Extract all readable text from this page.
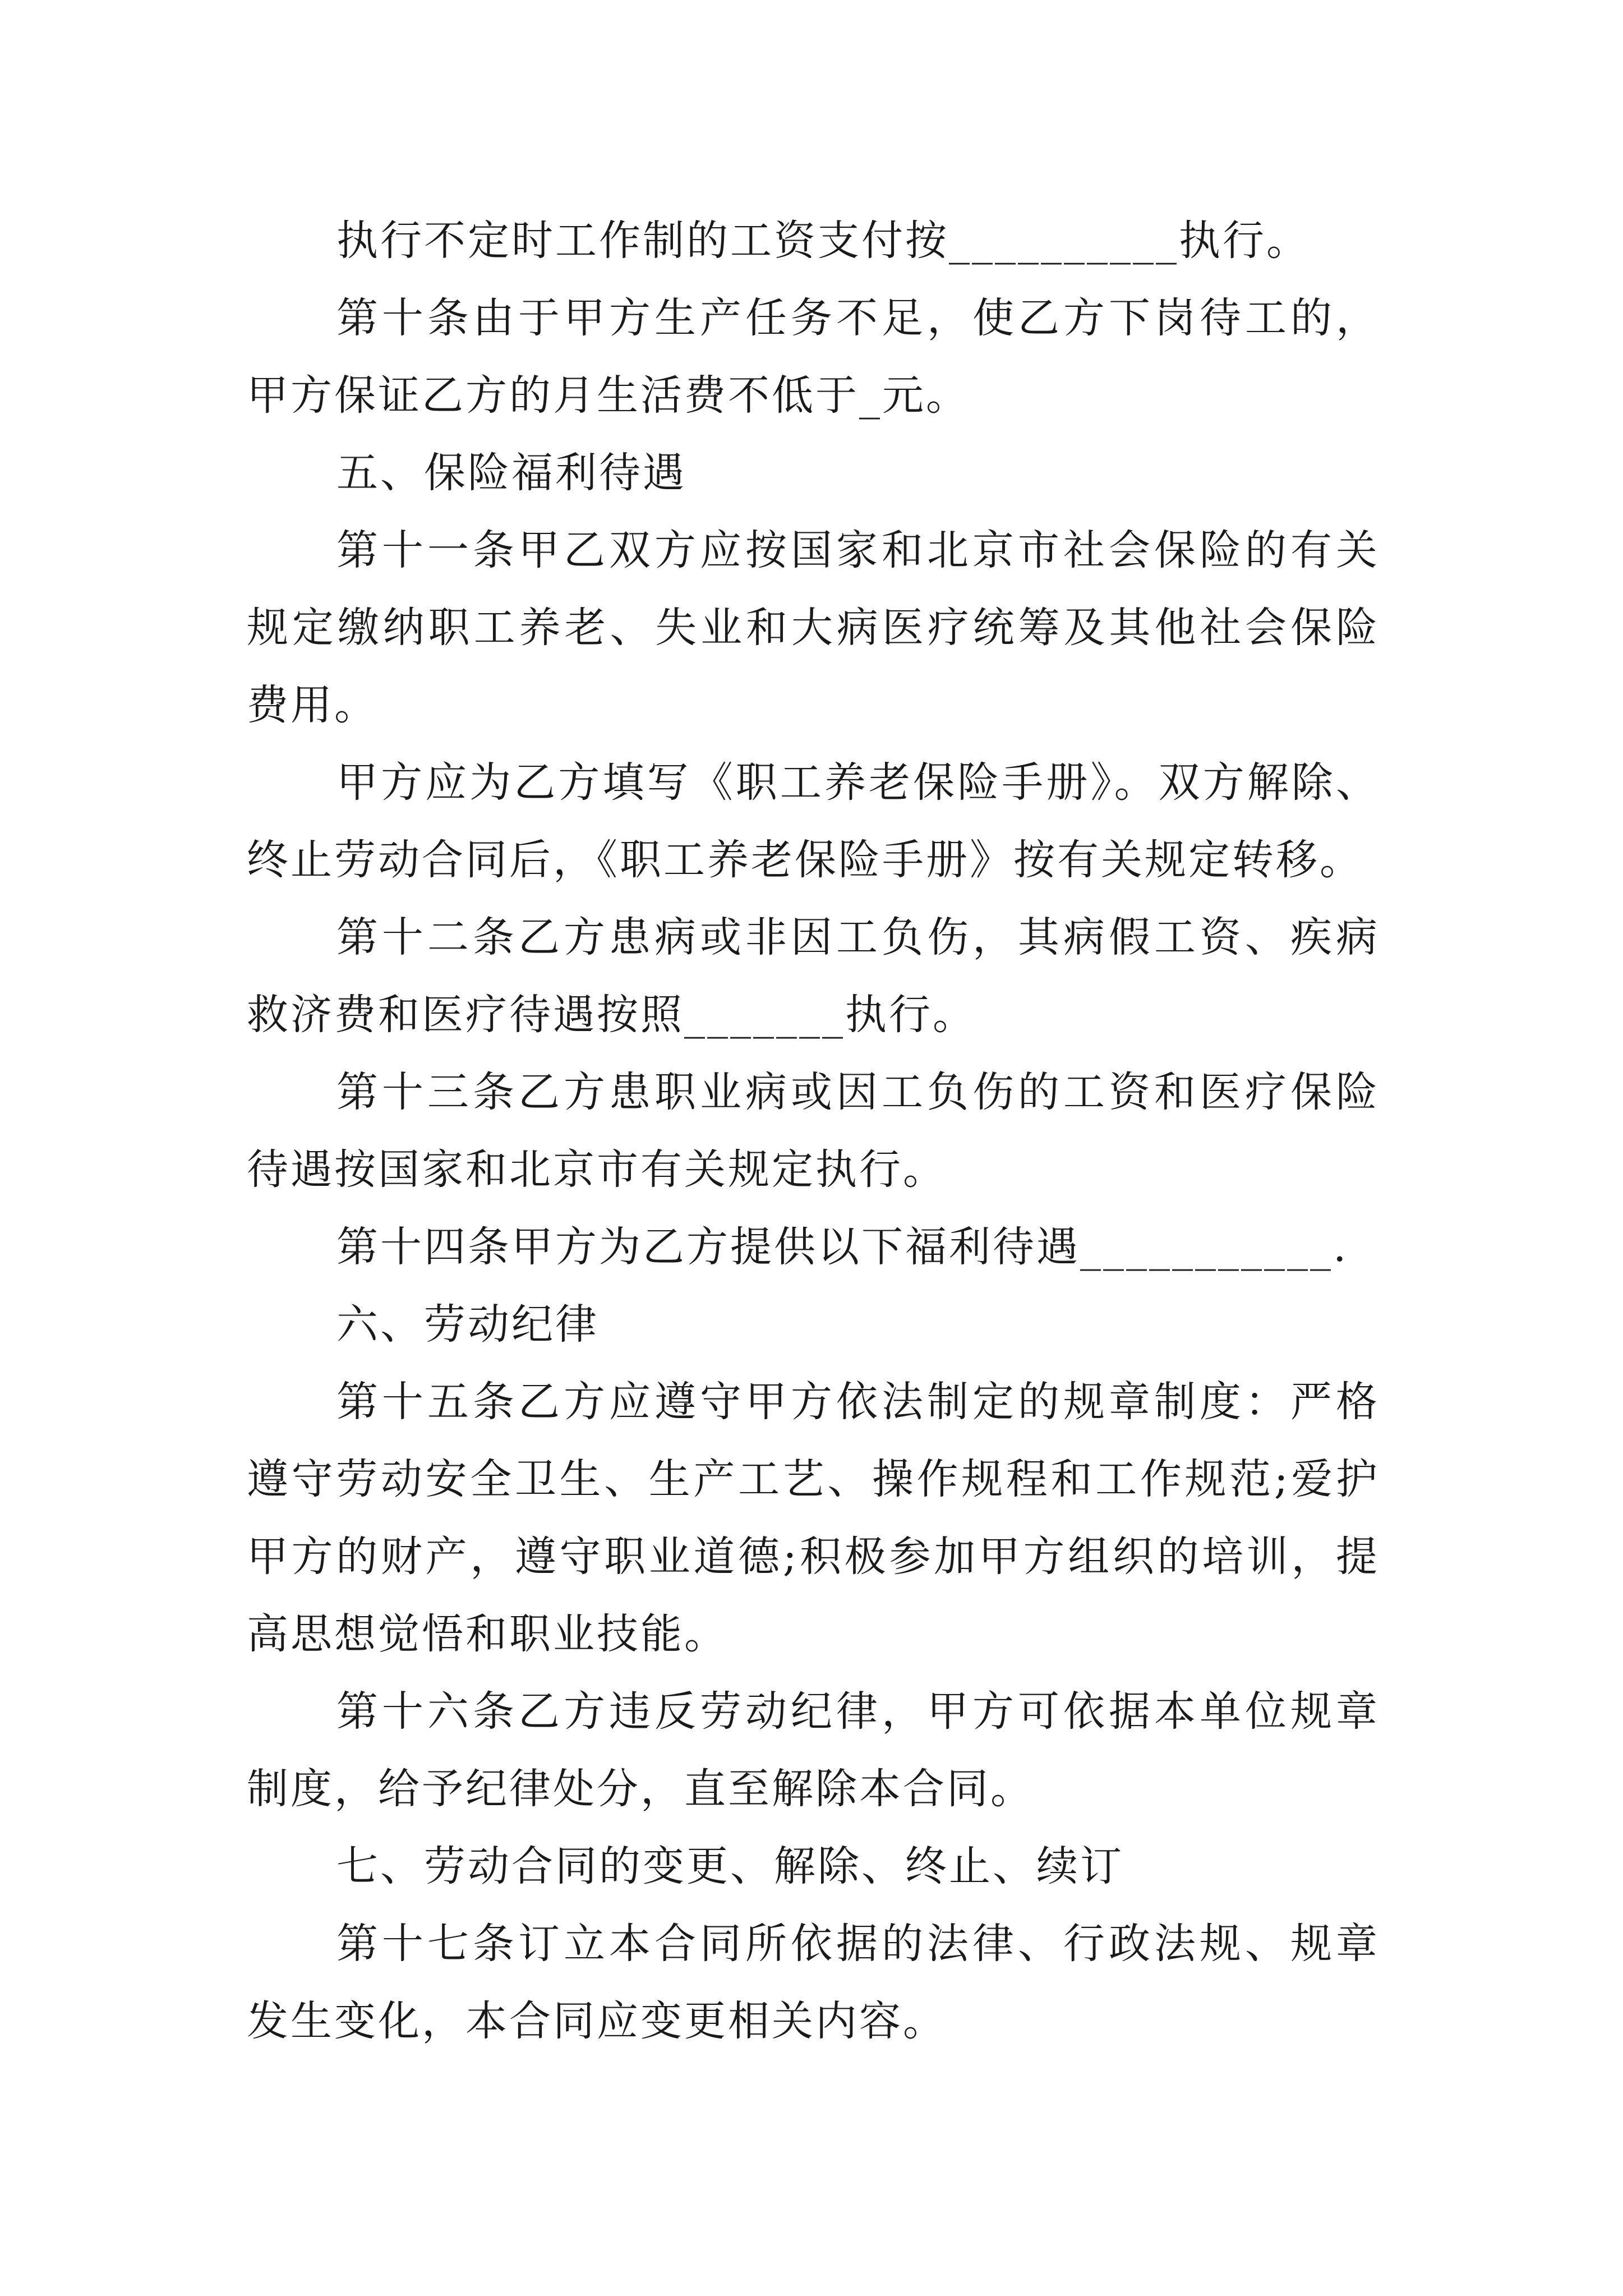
执行不定时工作制的工资支付按__________执行。

第十条由于甲方生产任务不足，使乙方下岗待工的，甲方保证乙方的月生活费不低于_元。

五、保险福利待遇

第十一条甲乙双方应按国家和北京市社会保险的有关规定缴纳职工养老、失业和大病医疗统筹及其他社会保险费用。

甲方应为乙方填写《职工养老保险手册》。双方解除、终止劳动合同后，《职工养老保险手册》按有关规定转移。

第十二条乙方患病或非因工负伤，其病假工资、疾病救济费和医疗待遇按照_______执行。

第十三条乙方患职业病或因工负伤的工资和医疗保险待遇按国家和北京市有关规定执行。

第十四条甲方为乙方提供以下福利待遇___________.

六、劳动纪律

第十五条乙方应遵守甲方依法制定的规章制度：严格遵守劳动安全卫生、生产工艺、操作规程和工作规范;爱护甲方的财产，遵守职业道德;积极参加甲方组织的培训，提高思想觉悟和职业技能。

第十六条乙方违反劳动纪律，甲方可依据本单位规章制度，给予纪律处分，直至解除本合同。

七、劳动合同的变更、解除、终止、续订

第十七条订立本合同所依据的法律、行政法规、规章发生变化，本合同应变更相关内容。
